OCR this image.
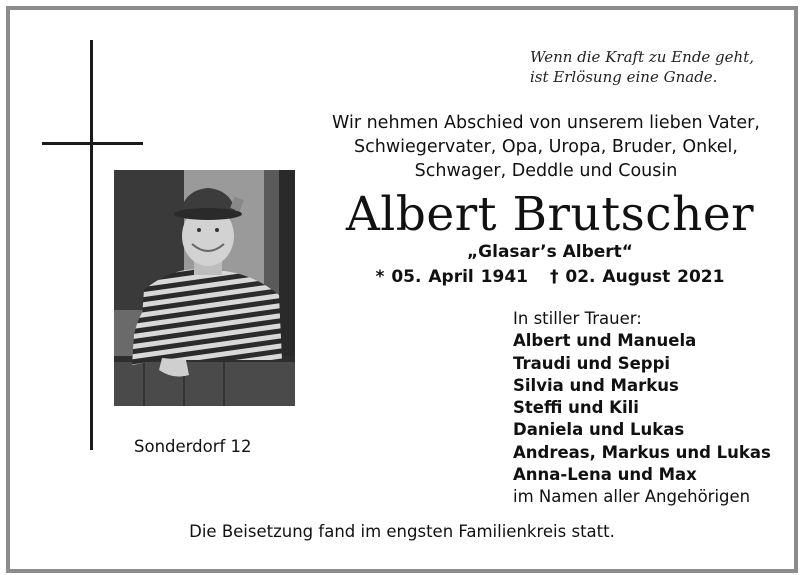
Wenn die Kraft zu Ende geht,
ist Erlösung eine Gnade.
Wir nehmen Abschied von unserem lieben Vater,
Schwiegervater, Opa, Uropa, Bruder, Onkel,
Schwager, Deddle und Cousin
Albert Brutscher
„Glasar’s Albert“
* 05. April 1941 † 02. August 2021
In stiller Trauer:
Albert und Manuela
Traudi und Seppi
Silvia und Markus
Steffi und Kili
Daniela und Lukas
Andreas, Markus und Lukas
Anna-Lena und Max
im Namen aller Angehörigen
Sonderdorf 12
Die Beisetzung fand im engsten Familienkreis statt.
